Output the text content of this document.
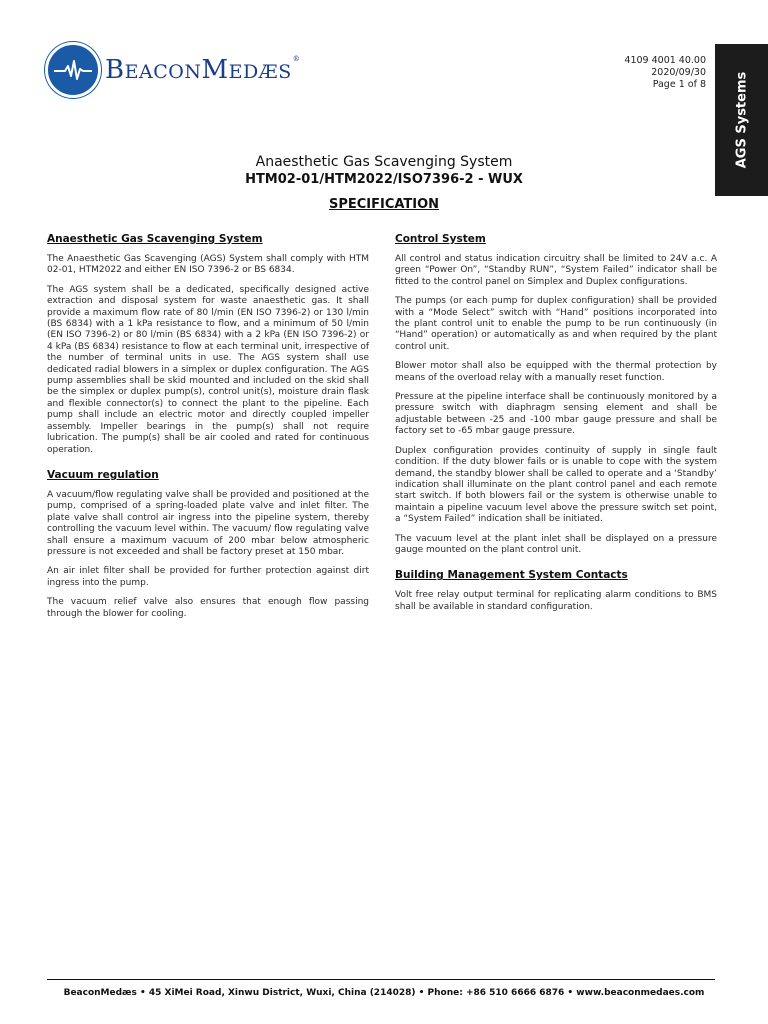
BEACONMEDÆS®	4109 4001 40.00
2020/09/30
Page 1 of 8 AGS Systems
Anaesthetic Gas Scavenging System
HTM02-01/HTM2022/ISO7396-2 - WUX
SPECIFICATION
Anaesthetic Gas Scavenging System

The Anaesthetic Gas Scavenging (AGS) System shall comply with HTM 02-01, HTM2022 and either EN ISO 7396-2 or BS 6834.

The AGS system shall be a dedicated, specifically designed active extraction and disposal system for waste anaesthetic gas. It shall provide a maximum flow rate of 80 l/min (EN ISO 7396-2) or 130 l/min (BS 6834) with a 1 kPa resistance to flow, and a minimum of 50 l/min (EN ISO 7396-2) or 80 l/min (BS 6834) with a 2 kPa (EN ISO 7396-2) or 4 kPa (BS 6834) resistance to flow at each terminal unit, irrespective of the number of terminal units in use. The AGS system shall use dedicated radial blowers in a simplex or duplex configuration. The AGS pump assemblies shall be skid mounted and included on the skid shall be the simplex or duplex pump(s), control unit(s), moisture drain flask and flexible connector(s) to connect the plant to the pipeline. Each pump shall include an electric motor and directly coupled impeller assembly. Impeller bearings in the pump(s) shall not require lubrication. The pump(s) shall be air cooled and rated for continuous operation.

Vacuum regulation

A vacuum/flow regulating valve shall be provided and positioned at the pump, comprised of a spring-loaded plate valve and inlet filter. The plate valve shall control air ingress into the pipeline system, thereby controlling the vacuum level within. The vacuum/ flow regulating valve shall ensure a maximum vacuum of 200 mbar below atmospheric pressure is not exceeded and shall be factory preset at 150 mbar.

An air inlet filter shall be provided for further protection against dirt ingress into the pump.

The vacuum relief valve also ensures that enough flow passing through the blower for cooling.

Control System

All control and status indication circuitry shall be limited to 24V a.c. A green “Power On”, “Standby RUN”, “System Failed” indicator shall be fitted to the control panel on Simplex and Duplex configurations.

The pumps (or each pump for duplex configuration) shall be provided with a “Mode Select” switch with “Hand” positions incorporated into the plant control unit to enable the pump to be run continuously (in “Hand” operation) or automatically as and when required by the plant control unit.

Blower motor shall also be equipped with the thermal protection by means of the overload relay with a manually reset function.

Pressure at the pipeline interface shall be continuously monitored by a pressure switch with diaphragm sensing element and shall be adjustable between -25 and -100 mbar gauge pressure and shall be factory set to -65 mbar gauge pressure.

Duplex configuration provides continuity of supply in single fault condition. If the duty blower fails or is unable to cope with the system demand, the standby blower shall be called to operate and a ‘Standby’ indication shall illuminate on the plant control panel and each remote start switch. If both blowers fail or the system is otherwise unable to maintain a pipeline vacuum level above the pressure switch set point, a “System Failed” indication shall be initiated.

The vacuum level at the plant inlet shall be displayed on a pressure gauge mounted on the plant control unit.

Building Management System Contacts

Volt free relay output terminal for replicating alarm conditions to BMS shall be available in standard configuration.

BeaconMedæs • 45 XiMei Road, Xinwu District, Wuxi, China (214028) • Phone: +86 510 6666 6876 • www.beaconmedaes.com
